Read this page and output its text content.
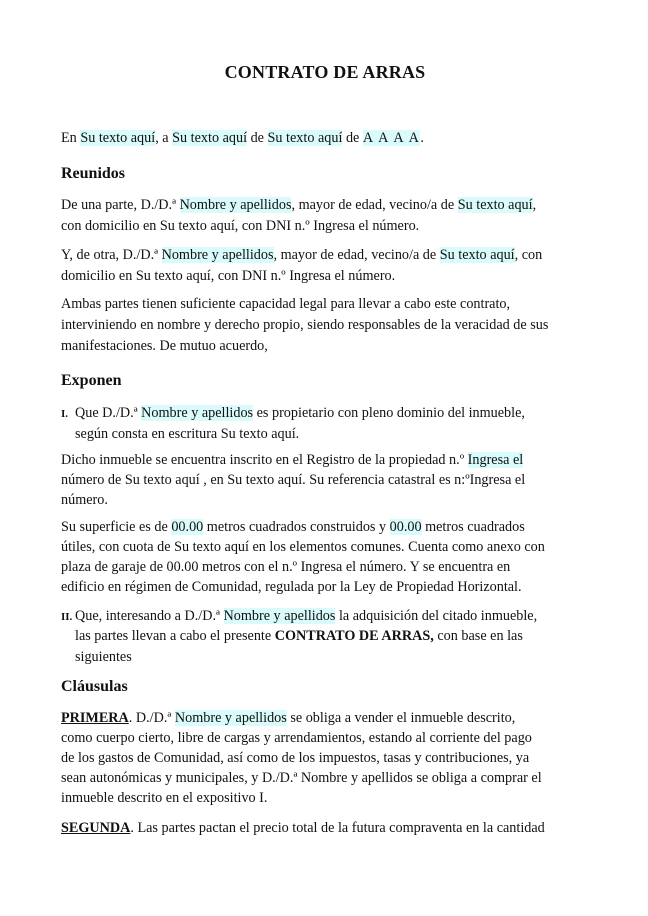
CONTRATO DE ARRAS
En Su texto aquí, a Su texto aquí de Su texto aquí de A A A A.
Reunidos
De una parte, D./D.ª Nombre y apellidos, mayor de edad, vecino/a de Su texto aquí,
con domicilio en Su texto aquí, con DNI n.º Ingresa el número.
Y, de otra, D./D.ª Nombre y apellidos, mayor de edad, vecino/a de Su texto aquí, con
domicilio en Su texto aquí, con DNI n.º Ingresa el número.
Ambas partes tienen suficiente capacidad legal para llevar a cabo este contrato,
interviniendo en nombre y derecho propio, siendo responsables de la veracidad de sus
manifestaciones. De mutuo acuerdo,
Exponen
I. Que D./D.ª Nombre y apellidos es propietario con pleno dominio del inmueble,
según consta en escritura Su texto aquí.
Dicho inmueble se encuentra inscrito en el Registro de la propiedad n.º Ingresa el
número de Su texto aquí , en Su texto aquí. Su referencia catastral es n:ºIngresa el
número.
Su superficie es de 00.00 metros cuadrados construidos y 00.00 metros cuadrados
útiles, con cuota de Su texto aquí en los elementos comunes. Cuenta como anexo con
plaza de garaje de 00.00 metros con el n.º Ingresa el número. Y se encuentra en
edificio en régimen de Comunidad, regulada por la Ley de Propiedad Horizontal.
II. Que, interesando a D./D.ª Nombre y apellidos la adquisición del citado inmueble,
las partes llevan a cabo el presente CONTRATO DE ARRAS, con base en las
siguientes
Cláusulas
PRIMERA. D./D.ª Nombre y apellidos se obliga a vender el inmueble descrito,
como cuerpo cierto, libre de cargas y arrendamientos, estando al corriente del pago
de los gastos de Comunidad, así como de los impuestos, tasas y contribuciones, ya
sean autonómicas y municipales, y D./D.ª Nombre y apellidos se obliga a comprar el
inmueble descrito en el expositivo I.
SEGUNDA. Las partes pactan el precio total de la futura compraventa en la cantidad
